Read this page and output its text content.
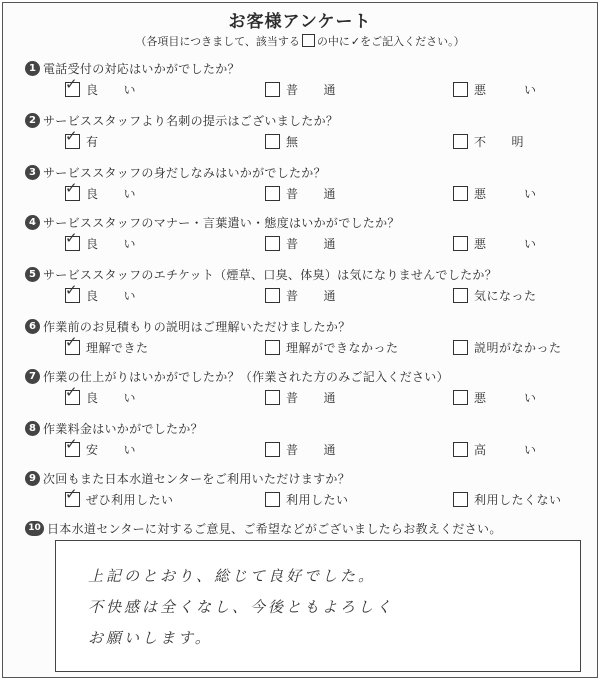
お客様アンケート
（各項目につきまして、該当する の中に✓をご記入ください。）
1 電話受付の対応はいかがでしたか？
✓ 良　　い	普　　通	悪　　　い
2 サービススタッフより名刺の提示はございましたか？
✓ 有	無	不　　明
3 サービススタッフの身だしなみはいかがでしたか？
✓ 良　　い	普　　通	悪　　　い
4 サービススタッフのマナー・言葉遣い・態度はいかがでしたか？
✓ 良　　い	普　　通	悪　　　い
5 サービススタッフのエチケット（煙草、口臭、体臭）は気になりませんでしたか？
✓ 良　　い	普　　通	気になった
6 作業前のお見積もりの説明はご理解いただけましたか？
✓ 理解できた	理解ができなかった	説明がなかった
7 作業の仕上がりはいかがでしたか？（作業された方のみご記入ください）
✓ 良　　い	普　　通	悪　　　い
8 作業料金はいかがでしたか？
✓ 安　　い	普　　通	高　　　い
9 次回もまた日本水道センターをご利用いただけますか？
✓ ぜひ利用したい	利用したい	利用したくない
10 日本水道センターに対するご意見、ご希望などがございましたらお教えください。
上記のとおり、総じて良好でした。
不快感は全くなし、今後ともよろしく
お願いします。
